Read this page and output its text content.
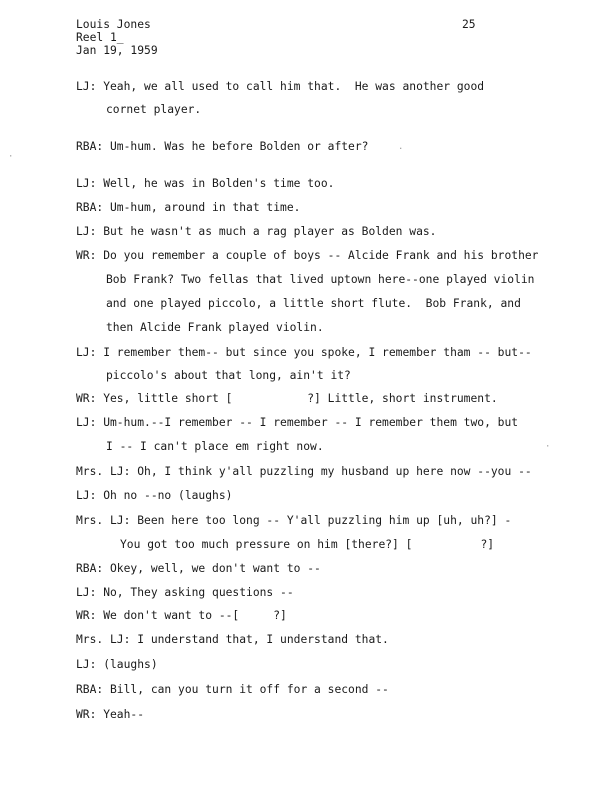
Louis Jones
Reel 1_
Jan 19, 1959
25
LJ: Yeah, we all used to call him that.  He was another good
cornet player.
RBA: Um-hum. Was he before Bolden or after?
LJ: Well, he was in Bolden's time too.
RBA: Um-hum, around in that time.
LJ: But he wasn't as much a rag player as Bolden was.
WR: Do you remember a couple of boys -- Alcide Frank and his brother
Bob Frank? Two fellas that lived uptown here--one played violin
and one played piccolo, a little short flute.  Bob Frank, and
then Alcide Frank played violin.
LJ: I remember them-- but since you spoke, I remember tham -- but--
piccolo's about that long, ain't it?
WR: Yes, little short [           ?] Little, short instrument.
LJ: Um-hum.--I remember -- I remember -- I remember them two, but
I -- I can't place em right now.
Mrs. LJ: Oh, I think y'all puzzling my husband up here now --you --
LJ: Oh no --no (laughs)
Mrs. LJ: Been here too long -- Y'all puzzling him up [uh, uh?] -
You got too much pressure on him [there?] [          ?]
RBA: Okey, well, we don't want to --
LJ: No, They asking questions --
WR: We don't want to --[     ?]
Mrs. LJ: I understand that, I understand that.
LJ: (laughs)
RBA: Bill, can you turn it off for a second --
WR: Yeah--
·
.
·
